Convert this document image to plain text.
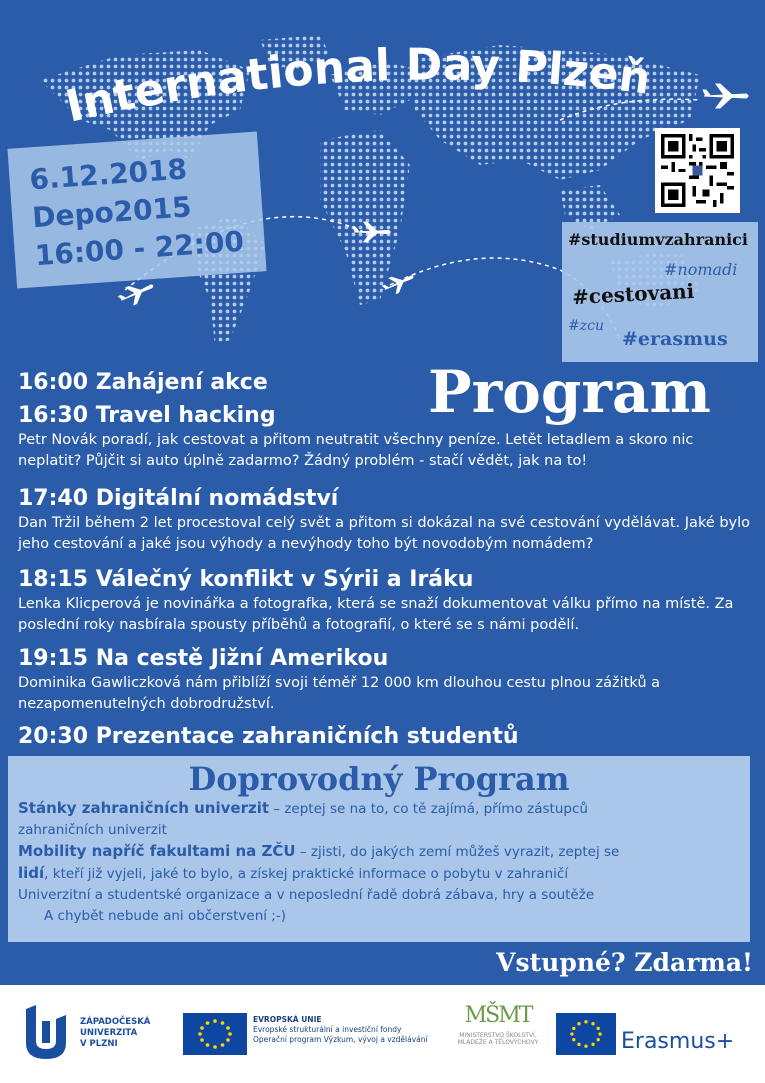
International Day Plzeň
6.12.2018
Depo2015
16:00 - 22:00	#studiumvzahranici
#nomadi
#cestovani
#zcu
#erasmus
Program
16:00 Zahájení akce
16:30 Travel hacking
Petr Novák poradí, jak cestovat a přitom neutratit všechny peníze. Letět letadlem a skoro nic neplatit? Půjčit si auto úplně zadarmo? Žádný problém - stačí vědět, jak na to!
17:40 Digitální nomádství
Dan Tržil během 2 let procestoval celý svět a přitom si dokázal na své cestování vydělávat. Jaké bylo jeho cestování a jaké jsou výhody a nevýhody toho být novodobým nomádem?
18:15 Válečný konflikt v Sýrii a Iráku
Lenka Klicperová je novinářka a fotografka, která se snaží dokumentovat válku přímo na místě. Za poslední roky nasbírala spousty příběhů a fotografií, o které se s námi podělí.
19:15 Na cestě Jižní Amerikou
Dominika Gawliczková nám přiblíží svoji téměř 12 000 km dlouhou cestu plnou zážitků a nezapomenutelných dobrodružství.
20:30 Prezentace zahraničních studentů
Doprovodný Program
Stánky zahraničních univerzit – zeptej se na to, co tě zajímá, přímo zástupců
zahraničních univerzit
Mobility napříč fakultami na ZČU – zjisti, do jakých zemí můžeš vyrazit, zeptej se
lidí, kteří již vyjeli, jaké to bylo, a získej praktické informace o pobytu v zahraničí
Univerzitní a studentské organizace a v neposlední řadě dobrá zábava, hry a soutěže
A chybět nebude ani občerstvení ;-)
Vstupné? Zdarma!
ZÁPADOČESKÁ
UNIVERZITA
V PLZNI
EVROPSKÁ UNIE
Evropské strukturální a investiční fondy
Operační program Výzkum, vývoj a vzdělávání
MŠMT
MINISTERSTVO ŠKOLSTVÍ, MLÁDEŽE A TĚLOVÝCHOVY	Erasmus+
